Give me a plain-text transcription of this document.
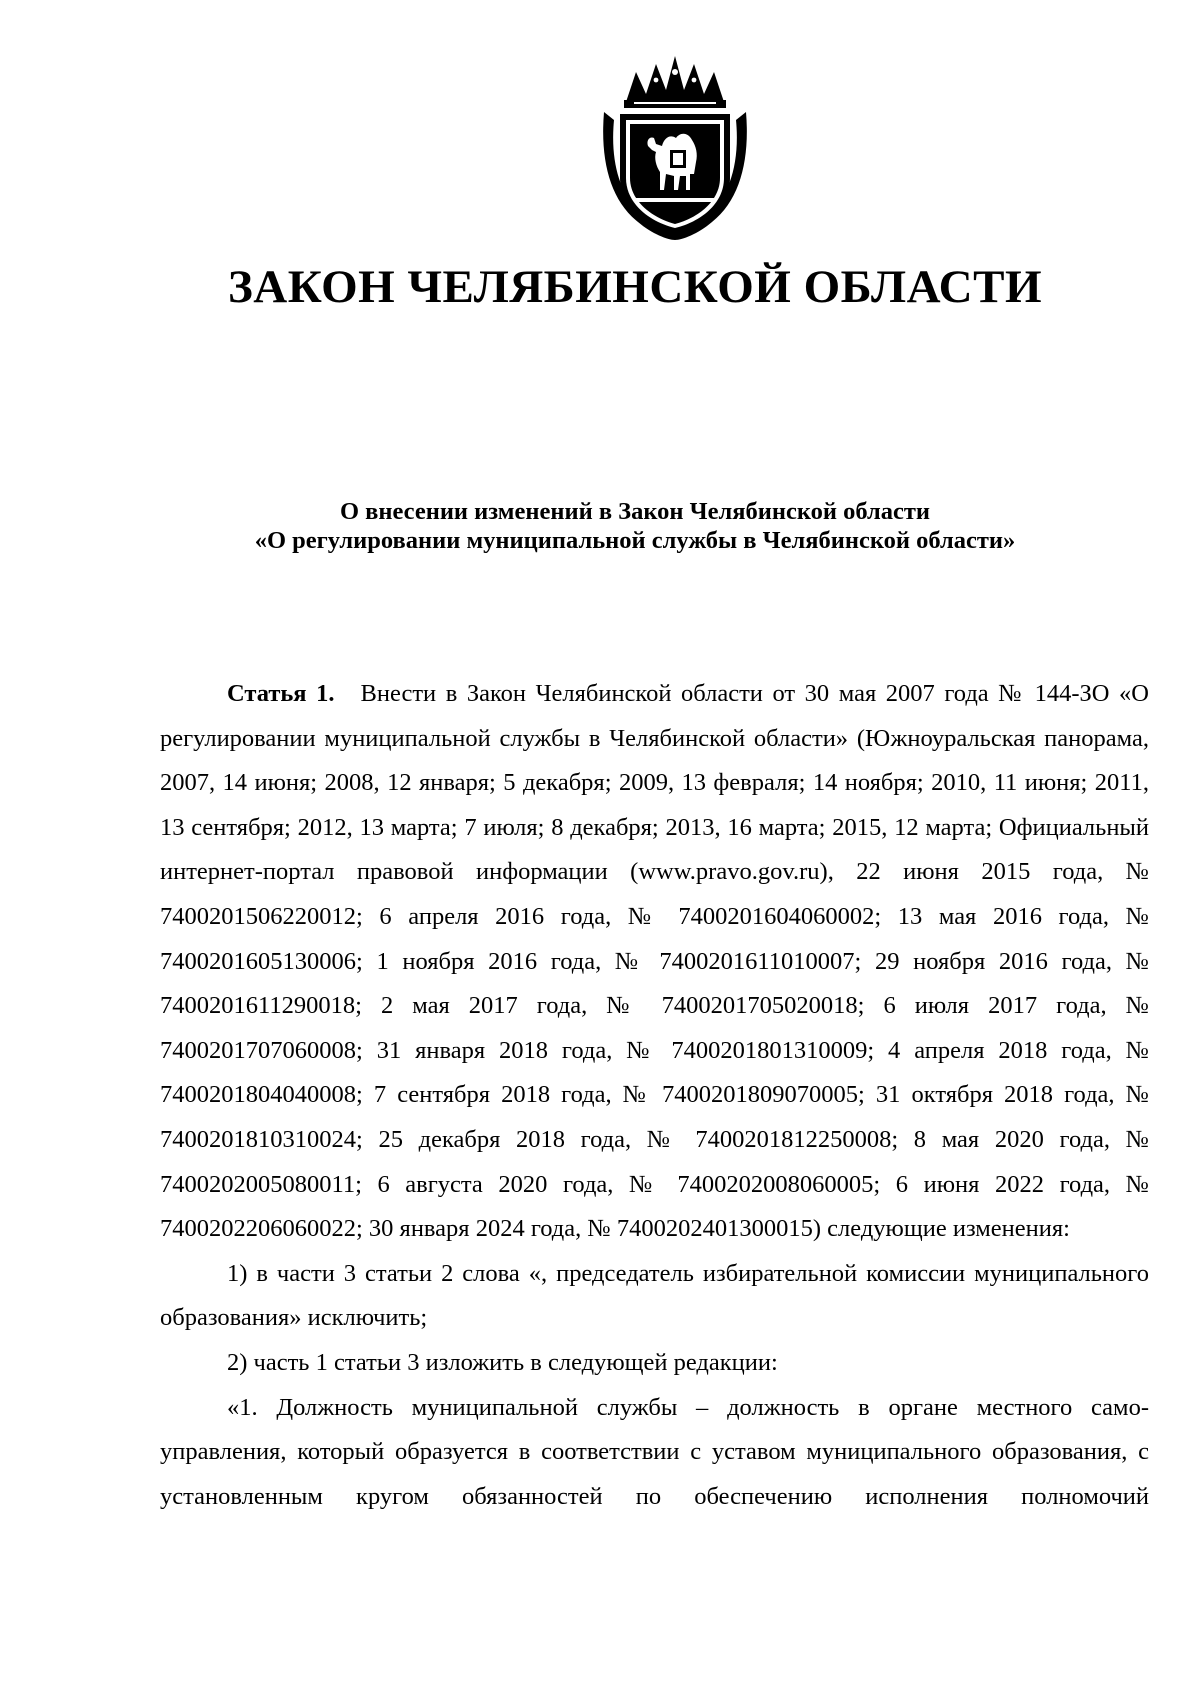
ЗАКОН ЧЕЛЯБИНСКОЙ ОБЛАСТИ
О внесении изменений в Закон Челябинской области
«О регулировании муниципальной службы в Челябинской области»

Статья 1. Внести в Закон Челябинской области от 30 мая 2007 года № 144-ЗО «О регулировании муниципальной службы в Челябинской области» (Южноуральская панорама, 2007, 14 июня; 2008, 12 января; 5 декабря; 2009, 13 февраля; 14 ноября; 2010, 11 июня; 2011, 13 сентября; 2012, 13 марта; 7 июля; 8 декабря; 2013, 16 марта; 2015, 12 марта; Официальный интернет-портал правовой информации (www.pravo.gov.ru), 22 июня 2015 года, № 7400201506220012; 6 апреля 2016 года, № 7400201604060002; 13 мая 2016 года, № 7400201605130006; 1 ноября 2016 года, № 7400201611010007; 29 ноября 2016 года, № 7400201611290018; 2 мая 2017 года, № 7400201705020018; 6 июля 2017 года, № 7400201707060008; 31 января 2018 года, № 7400201801310009; 4 апреля 2018 года, № 7400201804040008; 7 сентября 2018 года, № 7400201809070005; 31 октября 2018 года, № 7400201810310024; 25 декабря 2018 года, № 7400201812250008; 8 мая 2020 года, № 7400202005080011; 6 августа 2020 года, № 7400202008060005; 6 июня 2022 года, № 7400202206060022; 30 января 2024 года, № 7400202401300015) следующие изменения:

1) в части 3 статьи 2 слова «, председатель избирательной комиссии муниципального образования» исключить;

2) часть 1 статьи 3 изложить в следующей редакции:

«1. Должность муниципальной службы – должность в органе местного самоуправления, который образуется в соответствии с уставом муниципального образования, с установленным кругом обязанностей по обеспечению исполнения полномочий
